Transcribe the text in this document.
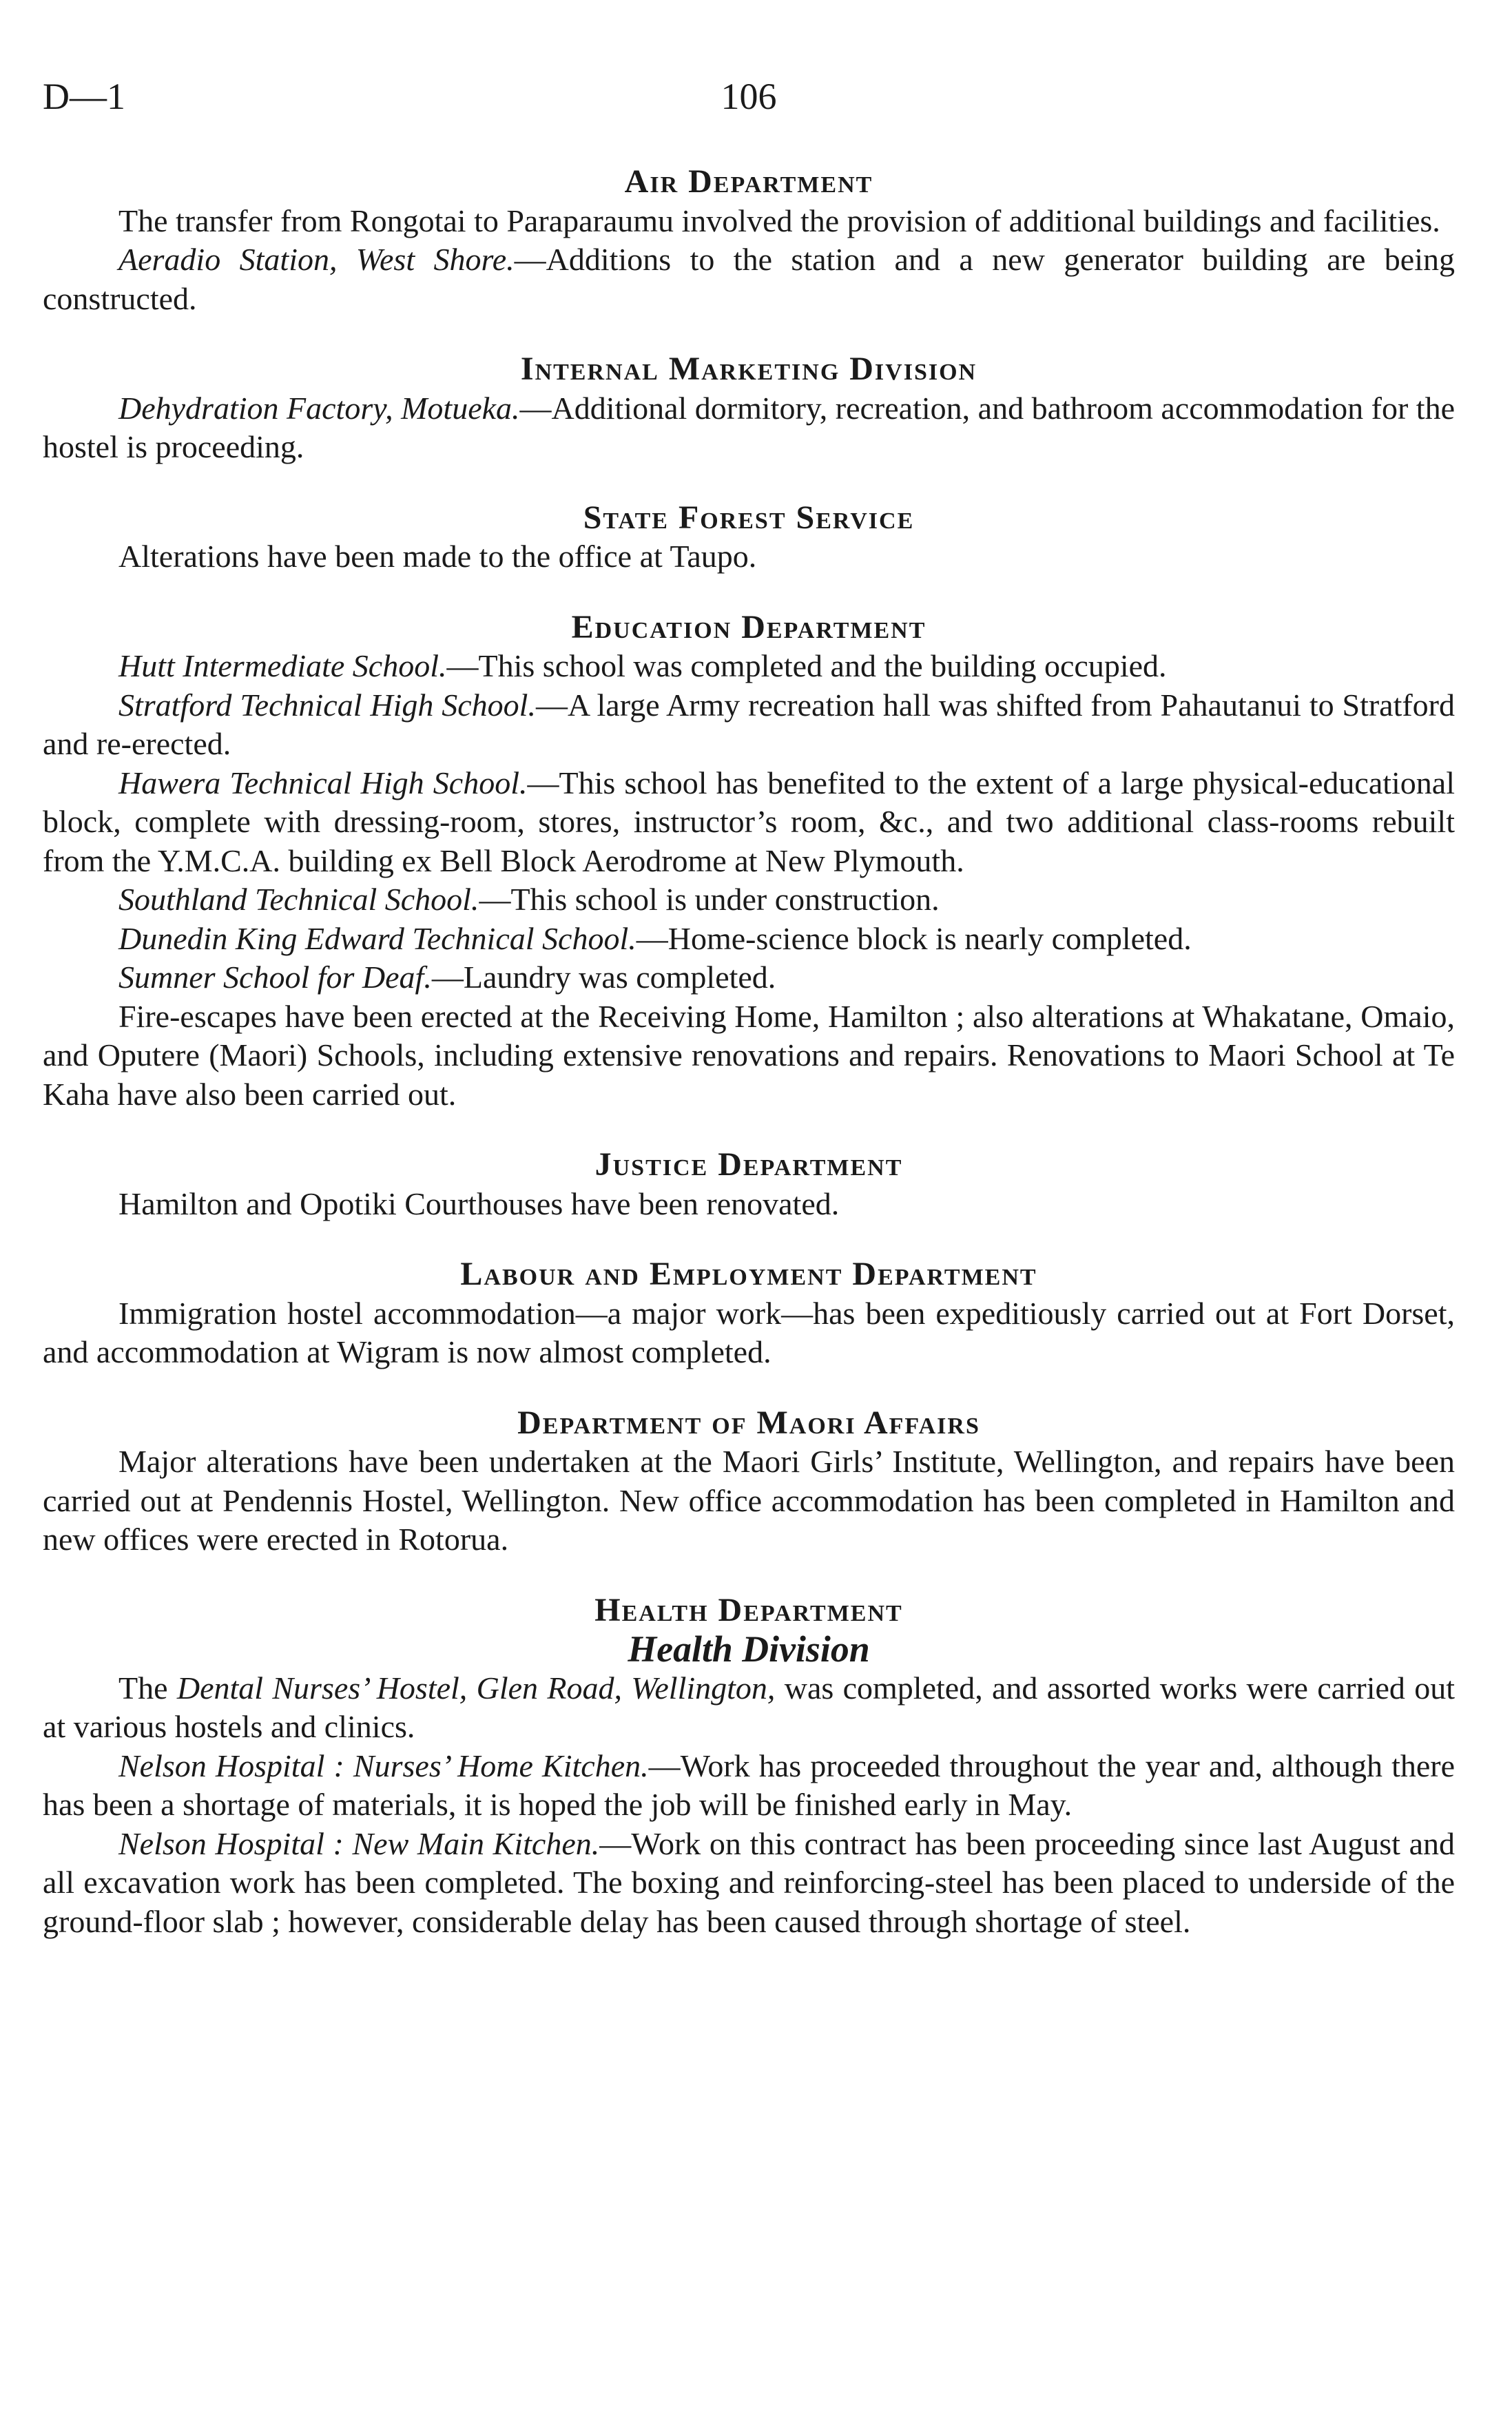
D—1	106
Air Department

The transfer from Rongotai to Paraparaumu involved the provision of additional buildings and facilities.

Aeradio Station, West Shore.—Additions to the station and a new generator building are being constructed.

Internal Marketing Division

Dehydration Factory, Motueka.—Additional dormitory, recreation, and bathroom accommodation for the hostel is proceeding.

State Forest Service

Alterations have been made to the office at Taupo.

Education Department

Hutt Intermediate School.—This school was completed and the building occupied.

Stratford Technical High School.—A large Army recreation hall was shifted from Pahautanui to Stratford and re-erected.

Hawera Technical High School.—This school has benefited to the extent of a large physical-educational block, complete with dressing-room, stores, instructor’s room, &c., and two additional class-rooms rebuilt from the Y.M.C.A. building ex Bell Block Aerodrome at New Plymouth.

Southland Technical School.—This school is under construction.

Dunedin King Edward Technical School.—Home-science block is nearly completed.

Sumner School for Deaf.—Laundry was completed.

Fire-escapes have been erected at the Receiving Home, Hamilton ; also alterations at Whakatane, Omaio, and Oputere (Maori) Schools, including extensive renovations and repairs. Renovations to Maori School at Te Kaha have also been carried out.

Justice Department

Hamilton and Opotiki Courthouses have been renovated.

Labour and Employment Department

Immigration hostel accommodation—a major work—has been expeditiously carried out at Fort Dorset, and accommodation at Wigram is now almost completed.

Department of Maori Affairs

Major alterations have been undertaken at the Maori Girls’ Institute, Wellington, and repairs have been carried out at Pendennis Hostel, Wellington. New office accommodation has been completed in Hamilton and new offices were erected in Rotorua.

Health Department
Health Division

The Dental Nurses’ Hostel, Glen Road, Wellington, was completed, and assorted works were carried out at various hostels and clinics.

Nelson Hospital : Nurses’ Home Kitchen.—Work has proceeded throughout the year and, although there has been a shortage of materials, it is hoped the job will be finished early in May.

Nelson Hospital : New Main Kitchen.—Work on this contract has been proceeding since last August and all excavation work has been completed. The boxing and reinforcing-steel has been placed to underside of the ground-floor slab ; however, considerable delay has been caused through shortage of steel.
